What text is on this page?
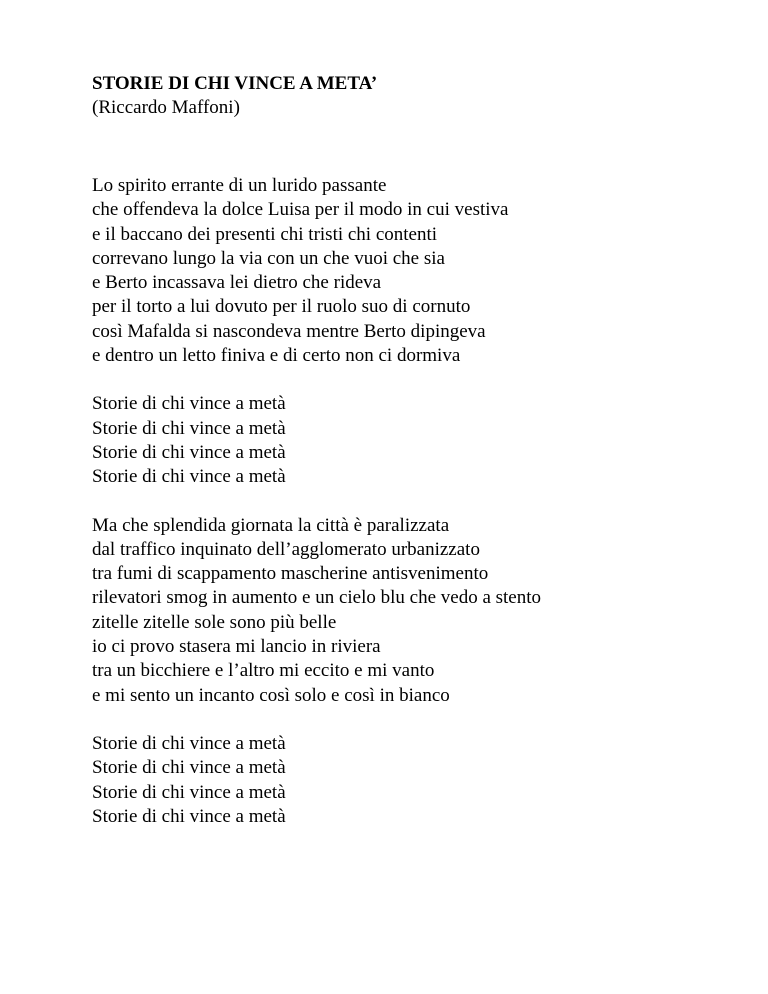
STORIE DI CHI VINCE A META’

(Riccardo Maffoni)

Lo spirito errante di un lurido passante
che offendeva la dolce Luisa per il modo in cui vestiva
e il baccano dei presenti chi tristi chi contenti
correvano lungo la via con un che vuoi che sia
e Berto incassava lei dietro che rideva
per il torto a lui dovuto per il ruolo suo di cornuto
così Mafalda si nascondeva mentre Berto dipingeva
e dentro un letto finiva e di certo non ci dormiva
Storie di chi vince a metà
Storie di chi vince a metà
Storie di chi vince a metà
Storie di chi vince a metà
Ma che splendida giornata la città è paralizzata
dal traffico inquinato dell’agglomerato urbanizzato
tra fumi di scappamento mascherine antisvenimento
rilevatori smog in aumento e un cielo blu che vedo a stento
zitelle zitelle sole sono più belle
io ci provo stasera mi lancio in riviera
tra un bicchiere e l’altro mi eccito e mi vanto
e mi sento un incanto così solo e così in bianco
Storie di chi vince a metà
Storie di chi vince a metà
Storie di chi vince a metà
Storie di chi vince a metà
